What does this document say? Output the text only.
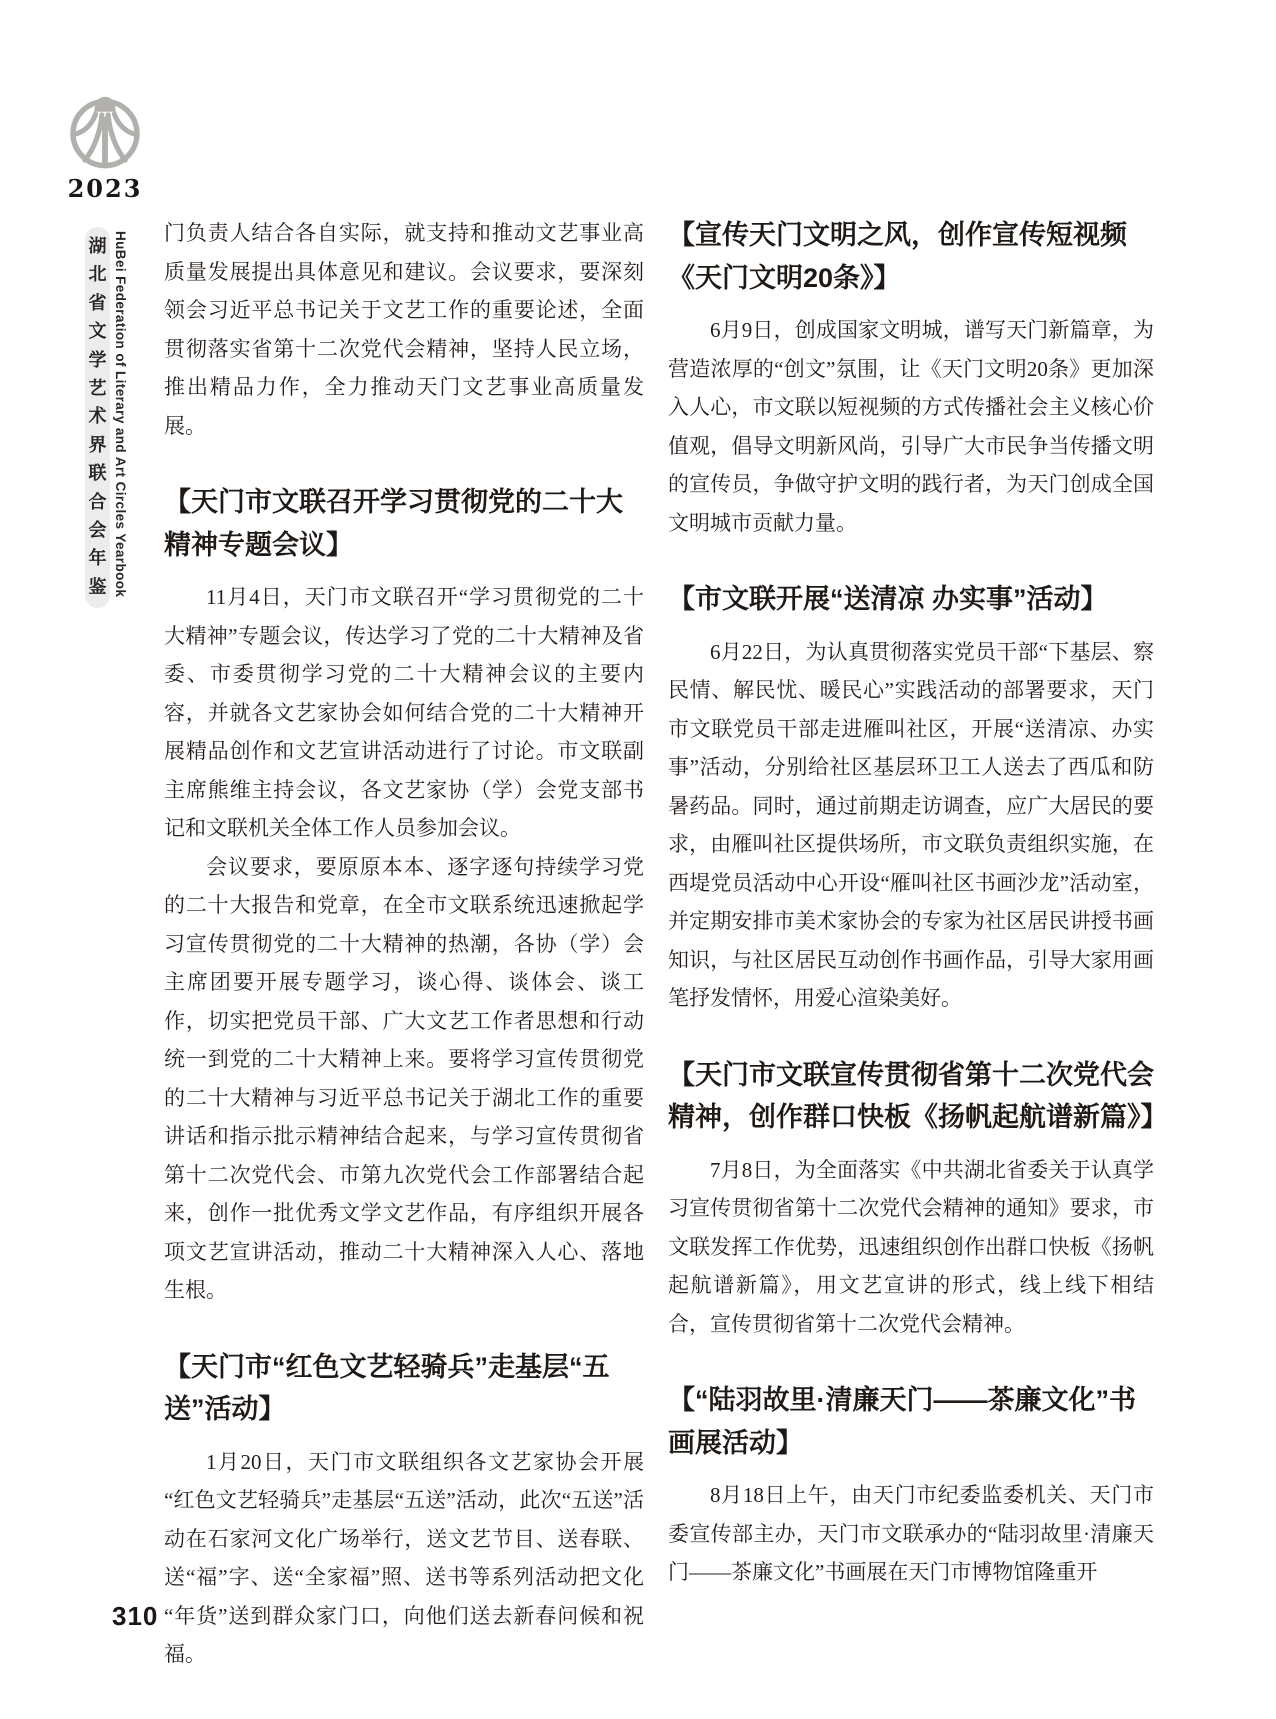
2023
湖
北
省
文
学
艺
术
界
联
合
会
年
鉴 HuBei Federation of Literary and Art Circles Yearbook 门负责人结合各自实际，就支持和推动文艺事业高质量发展提出具体意见和建议。会议要求，要深刻领会习近平总书记关于文艺工作的重要论述，全面贯彻落实省第十二次党代会精神，坚持人民立场，推出精品力作，全力推动天门文艺事业高质量发展。
【天门市文联召开学习贯彻党的二十大精神专题会议】
11月4日，天门市文联召开“学习贯彻党的二十大精神”专题会议，传达学习了党的二十大精神及省委、市委贯彻学习党的二十大精神会议的主要内容，并就各文艺家协会如何结合党的二十大精神开展精品创作和文艺宣讲活动进行了讨论。市文联副主席熊维主持会议，各文艺家协（学）会党支部书记和文联机关全体工作人员参加会议。
会议要求，要原原本本、逐字逐句持续学习党的二十大报告和党章，在全市文联系统迅速掀起学习宣传贯彻党的二十大精神的热潮，各协（学）会主席团要开展专题学习，谈心得、谈体会、谈工作，切实把党员干部、广大文艺工作者思想和行动统一到党的二十大精神上来。要将学习宣传贯彻党的二十大精神与习近平总书记关于湖北工作的重要讲话和指示批示精神结合起来，与学习宣传贯彻省第十二次党代会、市第九次党代会工作部署结合起来，创作一批优秀文学文艺作品，有序组织开展各项文艺宣讲活动，推动二十大精神深入人心、落地生根。
【天门市“红色文艺轻骑兵”走基层“五送”活动】
1月20日，天门市文联组织各文艺家协会开展“红色文艺轻骑兵”走基层“五送”活动，此次“五送”活动在石家河文化广场举行，送文艺节目、送春联、送“福”字、送“全家福”照、送书等系列活动把文化“年货”送到群众家门口，向他们送去新春问候和祝福。
【宣传天门文明之风，创作宣传短视频《天门文明20条》】
6月9日，创成国家文明城，谱写天门新篇章，为营造浓厚的“创文”氛围，让《天门文明20条》更加深入人心，市文联以短视频的方式传播社会主义核心价值观，倡导文明新风尚，引导广大市民争当传播文明的宣传员，争做守护文明的践行者，为天门创成全国文明城市贡献力量。
【市文联开展“送清凉 办实事”活动】
6月22日，为认真贯彻落实党员干部“下基层、察民情、解民忧、暖民心”实践活动的部署要求，天门市文联党员干部走进雁叫社区，开展“送清凉、办实事”活动，分别给社区基层环卫工人送去了西瓜和防暑药品。同时，通过前期走访调查，应广大居民的要求，由雁叫社区提供场所，市文联负责组织实施，在西堤党员活动中心开设“雁叫社区书画沙龙”活动室，并定期安排市美术家协会的专家为社区居民讲授书画知识，与社区居民互动创作书画作品，引导大家用画笔抒发情怀，用爱心渲染美好。
【天门市文联宣传贯彻省第十二次党代会精神，创作群口快板《扬帆起航谱新篇》】
7月8日，为全面落实《中共湖北省委关于认真学习宣传贯彻省第十二次党代会精神的通知》要求，市文联发挥工作优势，迅速组织创作出群口快板《扬帆起航谱新篇》，用文艺宣讲的形式，线上线下相结合，宣传贯彻省第十二次党代会精神。
【“陆羽故里·清廉天门——茶廉文化”书画展活动】
8月18日上午，由天门市纪委监委机关、天门市委宣传部主办，天门市文联承办的“陆羽故里·清廉天门——茶廉文化”书画展在天门市博物馆隆重开
310
